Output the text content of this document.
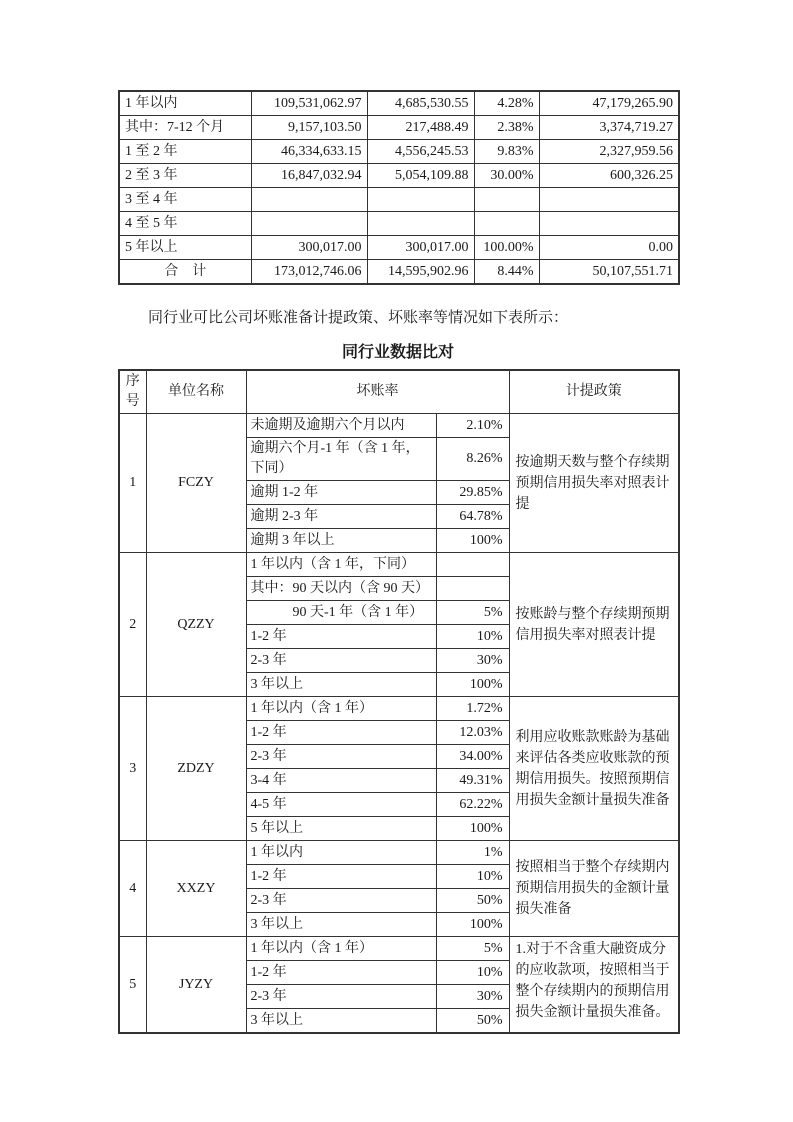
1 年以内	109,531,062.97	4,685,530.55	4.28%	47,179,265.90
其中：7-12 个月	9,157,103.50	217,488.49	2.38%	3,374,719.27
1 至 2 年	46,334,633.15	4,556,245.53	9.83%	2,327,959.56
2 至 3 年	16,847,032.94	5,054,109.88	30.00%	600,326.25
3 至 4 年				
4 至 5 年				
5 年以上	300,017.00	300,017.00	100.00%	0.00
合　计	173,012,746.06	14,595,902.96	8.44%	50,107,551.71
同行业可比公司坏账准备计提政策、坏账率等情况如下表所示：
同行业数据比对
序号	单位名称	坏账率		计提政策
1	FCZY	未逾期及逾期六个月以内	2.10%	按逾期天数与整个存续期预期信用损失率对照表计提
		逾期六个月-1 年（含 1 年，下同）	8.26%	
		逾期 1-2 年	29.85%	
		逾期 2-3 年	64.78%	
		逾期 3 年以上	100%	
2	QZZY	1 年以内（含 1 年，下同）		按账龄与整个存续期预期信用损失率对照表计提
		其中：90 天以内（含 90 天）		
		90 天-1 年（含 1 年）	5%	
		1-2 年	10%	
		2-3 年	30%	
		3 年以上	100%	
3	ZDZY	1 年以内（含 1 年）	1.72%	利用应收账款账龄为基础来评估各类应收账款的预期信用损失。按照预期信用损失金额计量损失准备
		1-2 年	12.03%	
		2-3 年	34.00%	
		3-4 年	49.31%	
		4-5 年	62.22%	
		5 年以上	100%	
4	XXZY	1 年以内	1%	按照相当于整个存续期内预期信用损失的金额计量损失准备
		1-2 年	10%	
		2-3 年	50%	
		3 年以上	100%	
5	JYZY	1 年以内（含 1 年）	5%	1.对于不含重大融资成分的应收款项，按照相当于整个存续期内的预期信用损失金额计量损失准备。
		1-2 年	10%	
		2-3 年	30%	
		3 年以上	50%	
